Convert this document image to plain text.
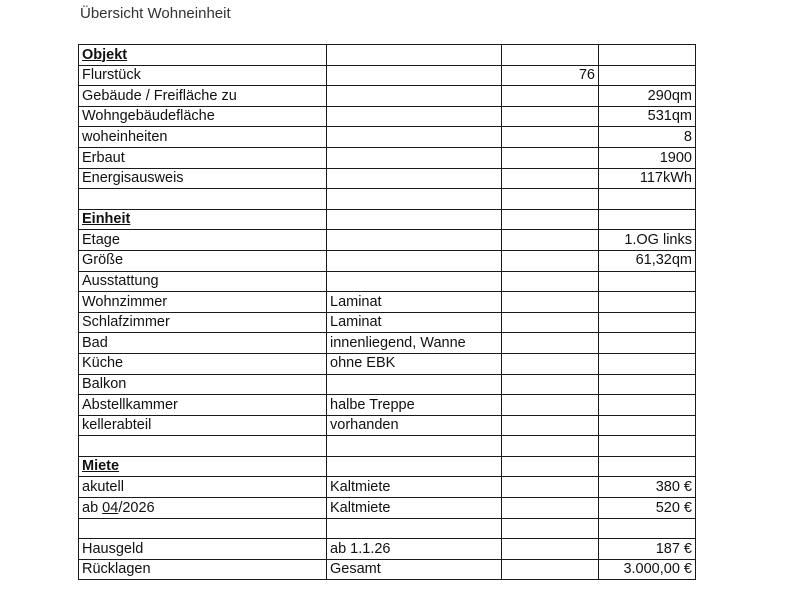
Übersicht Wohneinheit
Objekt			
Flurstück		76	
Gebäude / Freifläche zu			290qm
Wohngebäudefläche			531qm
woheinheiten			8
Erbaut			1900
Energisausweis			117kWh

Einheit			
Etage			1.OG links
Größe			61,32qm
Ausstattung			
Wohnzimmer	Laminat		
Schlafzimmer	Laminat		
Bad	innenliegend, Wanne		
Küche	ohne EBK		
Balkon			
Abstellkammer	halbe Treppe		
kellerabteil	vorhanden		

Miete			
akutell	Kaltmiete		380 €
ab 04/2026	Kaltmiete		520 €

Hausgeld	ab 1.1.26		187 €
Rücklagen	Gesamt		3.000,00 €
